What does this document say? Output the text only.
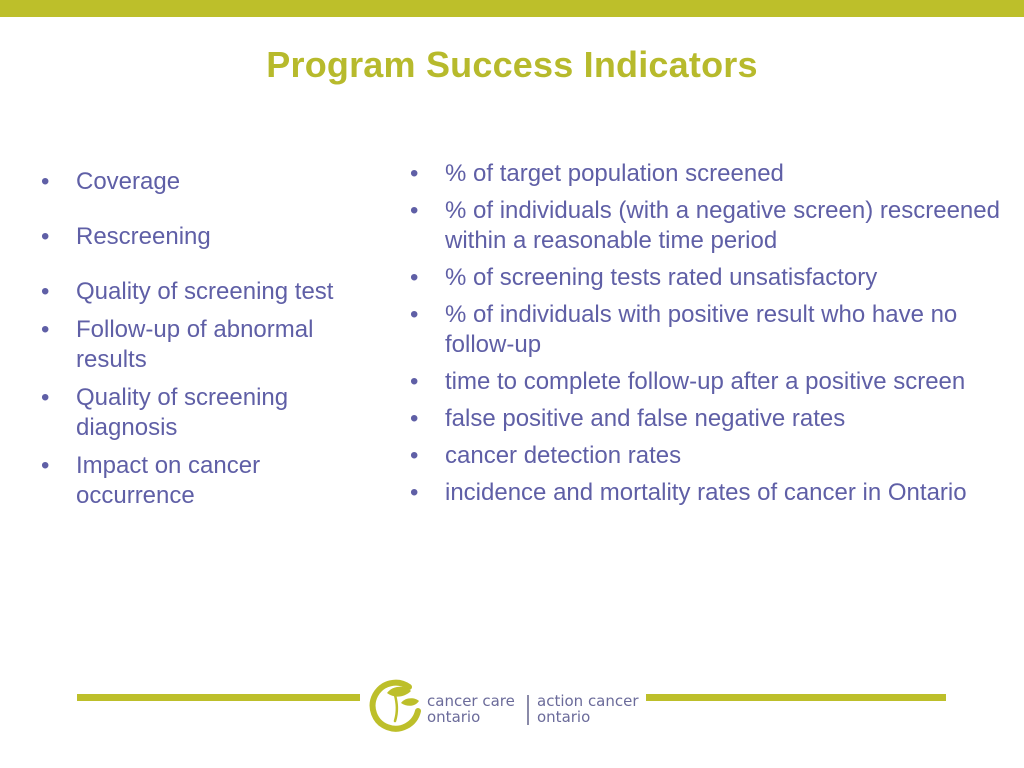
Program Success Indicators
• Coverage
• Rescreening
• Quality of screening test
• Follow-up of abnormal results
• Quality of screening diagnosis
• Impact on cancer occurrence
• % of target population screened
• % of individuals (with a negative screen) rescreened within a reasonable time period
• % of screening tests rated unsatisfactory
• % of individuals with positive result who have no follow-up
• time to complete follow-up after a positive screen
• false positive and false negative rates
• cancer detection rates
• incidence and mortality rates of cancer in Ontario
cancer care
ontario
action cancer
ontario
